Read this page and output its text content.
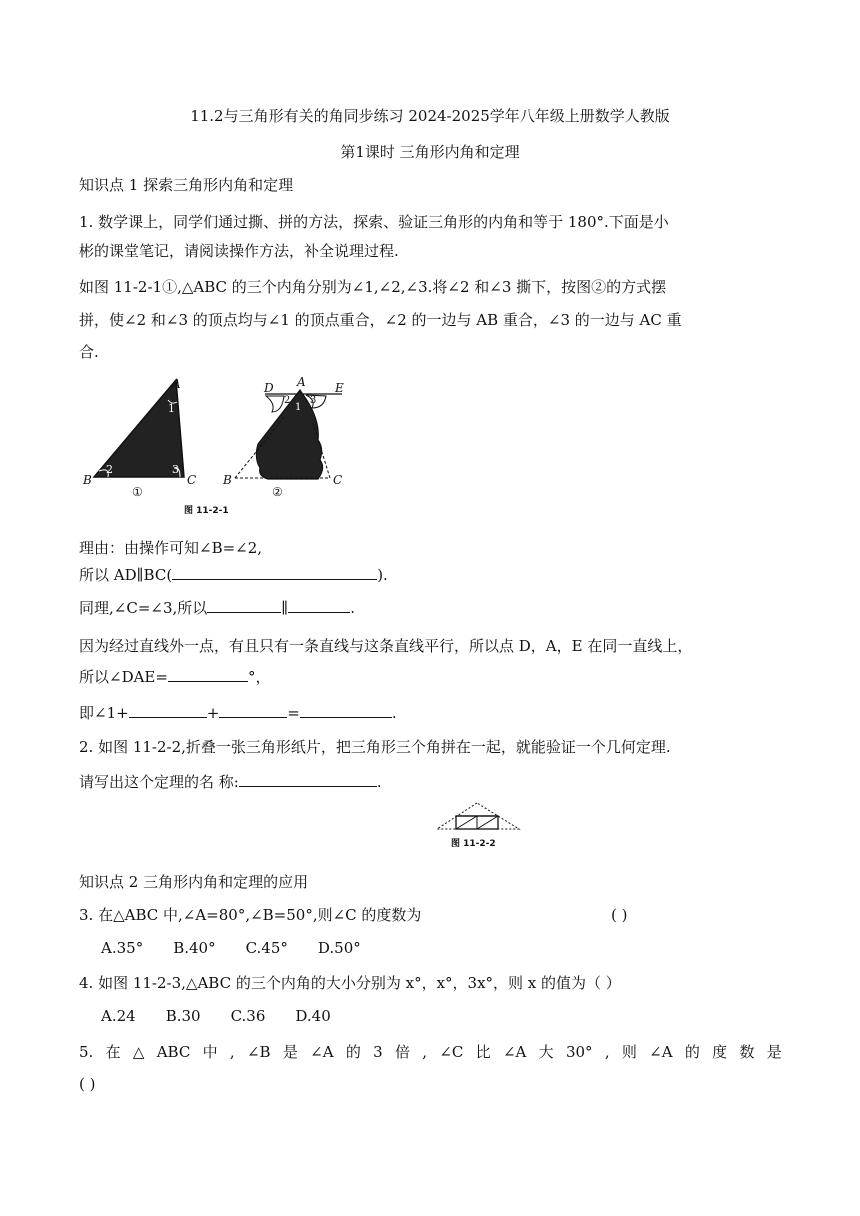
11.2与三角形有关的角同步练习 2024-2025学年八年级上册数学人教版
第1课时 三角形内角和定理
知识点 1 探索三角形内角和定理
1. 数学课上，同学们通过撕、拼的方法，探索、验证三角形的内角和等于 180°.下面是小
彬的课堂笔记，请阅读操作方法，补全说理过程.
如图 11-2-1①,△ABC 的三个内角分别为∠1,∠2,∠3.将∠2 和∠3 撕下，按图②的方式摆
拼，使∠2 和∠3 的顶点均与∠1 的顶点重合，∠2 的一边与 AB 重合，∠3 的一边与 AC 重
合.
A
B	C
1
2	3
①
D A E
B	C
1
2 3
②
图 11-2-1
理由：由操作可知∠B=∠2,
所以 AD∥BC(	).
同理,∠C=∠3,所以	∥	.
因为经过直线外一点，有且只有一条直线与这条直线平行，所以点 D，A，E 在同一直线上，
所以∠DAE=	°，
即∠1+	+	=	.
2. 如图 11-2-2,折叠一张三角形纸片，把三角形三个角拼在一起，就能验证一个几何定理.
请写出这个定理的名 称:	.
图 11-2-2
知识点 2 三角形内角和定理的应用
3. 在△ABC 中,∠A=80°,∠B=50°,则∠C 的度数为	( )
A.35° B.40° C.45° D.50°
4. 如图 11-2-3,△ABC 的三个内角的大小分别为 x°，x°，3x°，则 x 的值为（ ）
A.24 B.30 C.36 D.40
5. 在 △ ABC 中 , ∠B 是 ∠A 的 3 倍 , ∠C 比 ∠A 大 30° , 则 ∠A 的 度 数 是
( )
